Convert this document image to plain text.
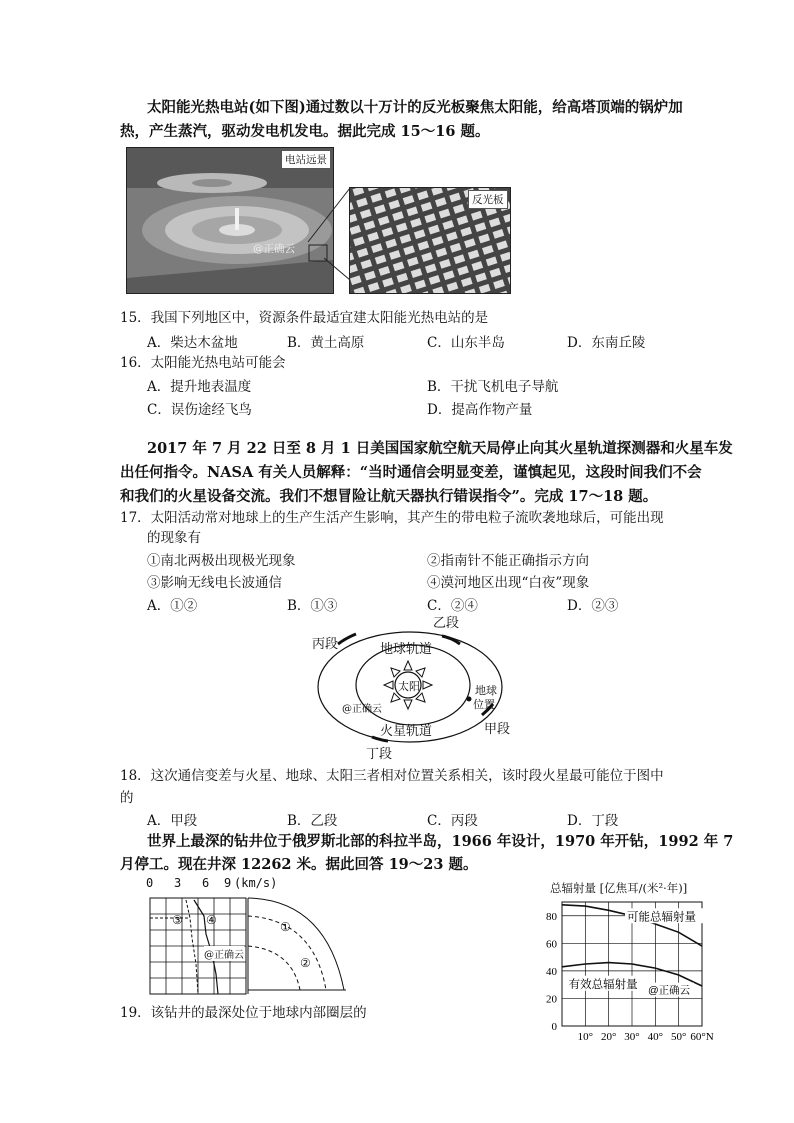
太阳能光热电站(如下图)通过数以十万计的反光板聚焦太阳能，给高塔顶端的锅炉加
热，产生蒸汽，驱动发电机发电。据此完成 15～16 题。
电站远景
@正确云
反光板
15．我国下列地区中，资源条件最适宜建太阳能光热电站的是
A．柴达木盆地	B．黄土高原	C．山东半岛	D．东南丘陵
16．太阳能光热电站可能会
A．提升地表温度	B．干扰飞机电子导航
C．误伤途经飞鸟	D．提高作物产量
2017 年 7 月 22 日至 8 月 1 日美国国家航空航天局停止向其火星轨道探测器和火星车发
出任何指令。NASA 有关人员解释：“当时通信会明显变差，谨慎起见，这段时间我们不会
和我们的火星设备交流。我们不想冒险让航天器执行错误指令”。完成 17～18 题。
17．太阳活动常对地球上的生产生活产生影响，其产生的带电粒子流吹袭地球后，可能出现
的现象有
①南北两极出现极光现象	②指南针不能正确指示方向
③影响无线电长波通信	④漠河地区出现“白夜”现象
A．①②	B．①③	C．②④	D．②③
乙段
丙段
甲段
丁段
地球轨道
火星轨道
太阳	地球
位置
@正确云
18．这次通信变差与火星、地球、太阳三者相对位置关系相关，该时段火星最可能位于图中
的
A．甲段	B．乙段	C．丙段	D．丁段
世界上最深的钻井位于俄罗斯北部的科拉半岛，1966 年设计，1970 年开钻，1992 年 7
月停工。现在井深 12262 米。据此回答 19～23 题。
0 3 6 9 (km/s)
①
②
③ ④
@正确云
19．该钻井的最深处位于地球内部圈层的
总辐射量 [亿焦耳/(米²·年)]
0
20
40
60
80
10° 20° 30° 40° 50° 60°N
可能总辐射量
有效总辐射量 @正确云
